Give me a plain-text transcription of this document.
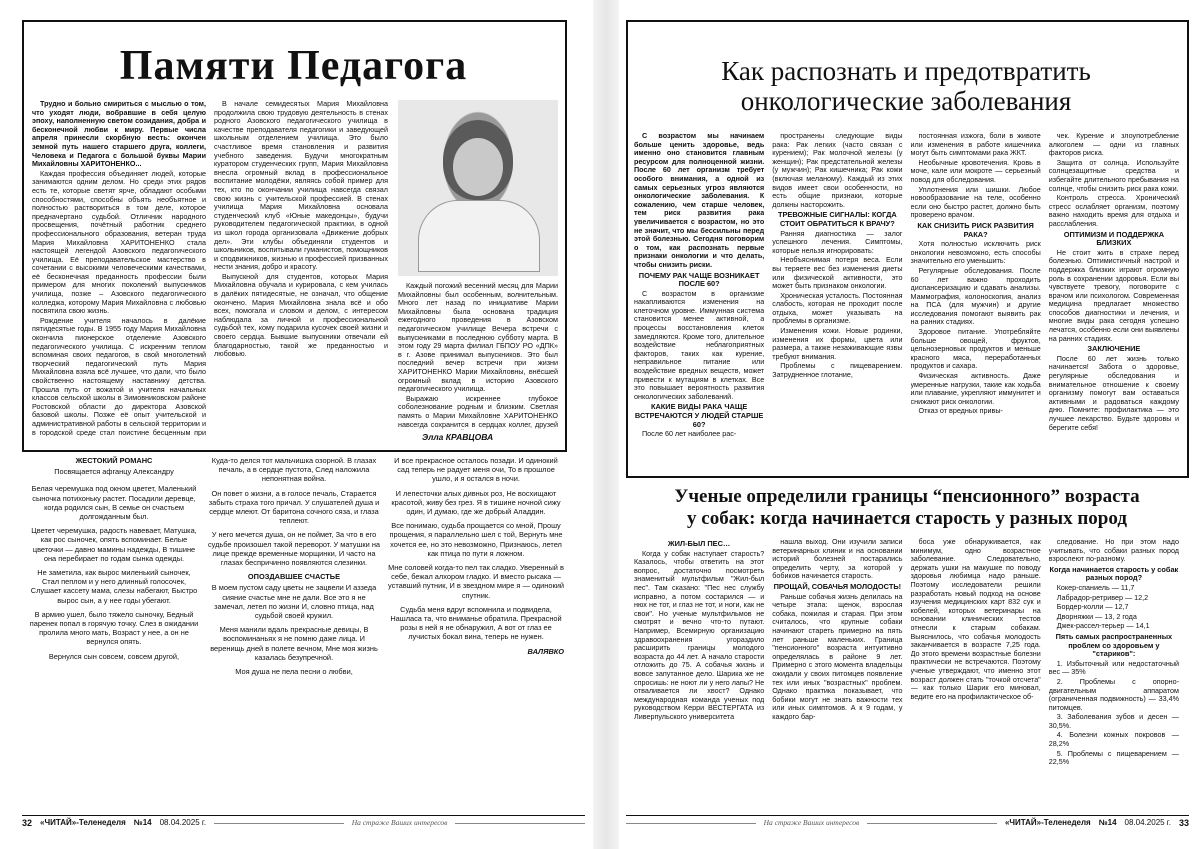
Памяти Педагога

Трудно и больно смириться с мыслью о том, что уходят люди, вобравшие в себя целую эпоху, наполненную светом созидания, добра и бесконечной любви к миру. Первые числа апреля принесли скорбную весть: окончен земной путь нашего старшего друга, коллеги, Человека и Педагога с большой буквы Марии Михайловны ХАРИТОНЕНКО...

Каждая профессия объединяет людей, которые занимаются одним делом. Но среди этих рядов есть те, которые светят ярче, обладают особыми способностями, способны объять необъятное и полностью раствориться в том деле, которое предначертано судьбой. Отличник народного просвещения, почётный работник среднего профессионального образования, ветеран труда Мария Михайловна ХАРИТОНЕНКО стала настоящей легендой Азовского педагогического училища. Её преподавательское мастерство в сочетании с высокими человеческими качествами, её бесконечная преданность профессии были примером для многих поколений выпускников училища, позже – Азовского педагогического колледжа, которому Мария Михайловна с любовью посвятила свою жизнь.

Рождение учителя началось в далёкие пятидесятые годы. В 1955 году Мария Михайловна окончила пионерское отделение Азовского педагогического училища. С искренним теплом вспоминая своих педагогов, в свой многолетний творческий педагогический путь Мария Михайловна взяла всё лучшее, что дали, что было свойственно настоящему наставнику детства. Прошла путь от вожатой и учителя начальных классов сельской школы в Зимовниковском районе Ростовской области до директора Азовской базовой школы. Позже её опыт учительской и административной работы в сельской территории и в городской среде стал поистине бесценным при

В начале семидесятых Мария Михайловна продолжила свою трудовую деятельность в стенах родного Азовского педагогического училища в качестве преподавателя педагогики и заведующей школьным отделением училища. Это было счастливое время становления и развития учебного заведения. Будучи многократным куратором студенческих групп, Мария Михайловна внесла огромный вклад в профессиональное воспитание молодёжи, являясь собой пример для тех, кто по окончании училища навсегда связал свою жизнь с учительской профессией. В стенах училища Мария Михайловна основала студенческий клуб «Юные македонцы», будучи руководителем педагогической практики, в одной из школ города организовала «Движение добрых дел». Эти клубы объединяли студентов и школьников, воспитывали гуманистов, помощников и сподвижников, жизнью и профессией призванных нести знания, добро и красоту.

Выпускной для студентов, которых Мария Михайловна обучала и курировала, с кем училась в далёких пятидесятые, не означал, что общение окончено. Мария Михайловна знала всё и обо всех, помогала и словом и делом, с интересом наблюдала за личной и профессиональной судьбой тех, кому подарила кусочек своей жизни и своего сердца. Бывшие выпускники отвечали ей благодарностью, такой же преданностью и любовью.

Каждый погожий весенний месяц для Марии Михайловны был особенным, волнительным. Много лет назад по инициативе Марии Михайловны была основана традиция ежегодного проведения в Азовском педагогическом училище Вечера встречи с выпускниками в последнюю субботу марта. В этом году 29 марта филиал ГБПОУ РО «ДПК» в г. Азове принимал выпускников. Это был последний вечер встречи при жизни ХАРИТОНЕНКО Марии Михайловны, внёсшей огромный вклад в историю Азовского педагогического училища.

Выражаю искреннее глубокое соболезнование родным и близким. Светлая память о Марии Михайловне ХАРИТОНЕНКО навсегда сохранится в сердцах коллег, друзей

Элла КРАВЦОВА
ЖЕСТОКИЙ РОМАНС
Посвящается афганцу Александру
Белая черемушка под окном цветет, Маленький сыночка потихоньку растет. Посадили деревце, когда родился сын, В семье он счастьем долгожданным был.
Цветет черемушка, радость навевает, Матушка, как рос сыночек, опять вспоминает. Белые цветочки — давно мамины надежды, В тишине она перебирает по годам сынка одежды.
Не заметила, как вырос миленький сыночек, Стал пеплом и у него длинный голосочек, Слушает кассету мама, слезы набегают, Быстро вырос сын, а у нее годы убегают.
В армию ушел, было тяжело сыночку, Бедный паренек попал в горячую точку. Слез в ожидании пролила много мать, Возраст у нее, а он не вернулся опять.
Вернулся сын совсем, совсем другой,
Куда-то делся тот мальчишка озорной. В глазах печаль, а в сердце пустота, След наложила непонятная война.
Он повет о жизни, а в голосе печаль, Старается забыть страха того причал. У слушателей душа и сердце млеют. От баритона сочного сяза, и глаза теплеют.
У него мечется душа, он не поймет, За что в его судьбе произошел такой переворот. У матушки на лице прежде временные морщинки, И часто на глазах беспричинно появляются слезинки.
ОПОЗДАВШЕЕ СЧАСТЬЕ
В моем пустом саду цветы не зацвели И аззеда сияние счастье мне не дали. Все это я не замечал, летел по жизни И, словно птица, над судьбой своей кружил.
Меня манили вдаль прекрасные девицы, В воспоминаньях я не помню даже лица. И веренищь дней в полете вечном, Мне моя жизнь казалась безупречной.
Моя душа не пела песни о любви,
И все прекрасное осталось позади. И одинокий сад теперь не радует меня очи, То в прошлое ушло, и я остался в ночи.
И лепесточки алых дивных роз, Не восхищают красотой, живу без грез. Я в тишине ночной сижу один, И думаю, где же добрый Аладдин.
Все понимаю, судьба прощается со мной, Прошу прощения, я параллельно шел с той, Вернуть мне хочется ее, но это невозможно, Признаюсь, летел как птица по пути я ложном.
Мне соловей когда-то пел так сладко. Уверенный в себе, бежал алхором гладко. И вместо рысака — уставший путник, И в звездном мире я — одинокий спутник.
Судьба меня вдруг вспомнила и подвидела, Нашласа та, что вниманье обратила. Прекрасной розы в ней я не обнаружил, А вот от глаз ее лучистых бокал вина, теперь не нужен.
ВАЛЯВКО
32 «ЧИТАЙ»-Теленеделя №14 08.04.2025 г.	На страже Ваших интересов
Как распознать и предотвратить онкологические заболевания

С возрастом мы начинаем больше ценить здоровье, ведь именно оно становится главным ресурсом для полноценной жизни. После 60 лет организм требует особого внимания, а одной из самых серьезных угроз являются онкологические заболевания. К сожалению, чем старше человек, тем риск развития рака увеличивается с возрастом, но это не значит, что мы бессильны перед этой болезнью. Сегодня поговорим о том, как распознать первые признаки онкологии и что делать, чтобы снизить риски.

ПОЧЕМУ РАК ЧАЩЕ ВОЗНИКАЕТ ПОСЛЕ 60?

С возрастом в организме накапливаются изменения на клеточном уровне. Иммунная система становится менее активной, а процессы восстановления клеток замедляются. Кроме того, длительное воздействие неблагоприятных факторов, таких как курение, неправильное питание или воздействие вредных веществ, может привести к мутациям в клетках. Все это повышает вероятность развития онкологических заболеваний.

КАКИЕ ВИДЫ РАКА ЧАЩЕ ВСТРЕЧАЮТСЯ У ЛЮДЕЙ СТАРШЕ 60?

После 60 лет наиболее рас-

пространены следующие виды рака: Рак легких (часто связан с курением); Рак молочной железы (у женщин); Рак предстательной железы (у мужчин); Рак кишечника; Рак кожи (включая меланому). Каждый из этих видов имеет свои особенности, но есть общие признаки, которые должны насторожить.

ТРЕВОЖНЫЕ СИГНАЛЫ: КОГДА СТОИТ ОБРАТИТЬСЯ К ВРАЧУ?

Ранняя диагностика — залог успешного лечения. Симптомы, которые нельзя игнорировать:

Необъяснимая потеря веса. Если вы теряете вес без изменения диеты или физической активности, это может быть признаком онкологии.

Хроническая усталость. Постоянная слабость, которая не проходит после отдыха, может указывать на проблемы в организме.

Изменения кожи. Новые родинки, изменения их формы, цвета или размера, а также незаживающие язвы требуют внимания.

Проблемы с пищеварением. Затрудненное глотание,

постоянная изжога, боли в животе или изменения в работе кишечника могут быть симптомами рака ЖКТ.

Необычные кровотечения. Кровь в моче, кале или мокроте — серьезный повод для обследования.

Уплотнения или шишки. Любое новообразование на теле, особенно если оно быстро растет, должно быть проверено врачом.

КАК СНИЗИТЬ РИСК РАЗВИТИЯ РАКА?

Хотя полностью исключить риск онкологии невозможно, есть способы значительно его уменьшить:

Регулярные обследования. После 60 лет важно проходить диспансеризацию и сдавать анализы. Маммография, колоноскопия, анализ на ПСА (для мужчин) и другие исследования помогают выявить рак на ранних стадиях.

Здоровое питание. Употребляйте больше овощей, фруктов, цельнозерновых продуктов и меньше красного мяса, переработанных продуктов и сахара.

Физическая активность. Даже умеренные нагрузки, такие как ходьба или плавание, укрепляют иммунитет и снижают риск онкологии.

Отказ от вредных привы-

чек. Курение и злоупотребление алкоголем — одни из главных факторов риска.

Защита от солнца. Используйте солнцезащитные средства и избегайте длительного пребывания на солнце, чтобы снизить риск рака кожи.

Контроль стресса. Хронический стресс ослабляет организм, поэтому важно находить время для отдыха и расслабления.

ОПТИМИЗМ И ПОДДЕРЖКА БЛИЗКИХ

Не стоит жить в страхе перед болезнью. Оптимистичный настрой и поддержка близких играют огромную роль в сохранении здоровья. Если вы чувствуете тревогу, поговорите с врачом или психологом. Современная медицина предлагает множество способов диагностики и лечения, и многие виды рака сегодня успешно лечатся, особенно если они выявлены на ранних стадиях.

ЗАКЛЮЧЕНИЕ

После 60 лет жизнь только начинается! Забота о здоровье, регулярные обследования и внимательное отношение к своему организму помогут вам оставаться активными и радоваться каждому дню. Помните: профилактика — это лучшее лекарство. Будьте здоровы и берегите себя!

Ученые определили границы “пенсионного” возраста
у собак: когда начинается старость у разных пород
ЖИЛ-БЫЛ ПЕС…

Когда у собак наступает старость? Казалось, чтобы ответить на этот вопрос, достаточно посмотреть знаменитый мультфильм "Жил-был пес". Там сказано: "Пес нес службу исправно, а потом состарился — и нюх не тот, и глаз не тот, и ноги, как не свои". Но ученые мультфильмов не смотрят и вечно что-то путают. Например, Всемирную организацию здравоохранения угораздило расширить границы молодого возраста до 44 лет. А начало старости отложить до 75. А собачья жизнь и вовсе запутанное дело. Шарика же не спросишь: не ноют ли у него лапы? Не отваливается ли хвост? Однако международная команда ученых под руководством Керри ВЕСТЕРГАТА из Ливерпульского университета

нашла выход. Они изучили записи ветеринарных клиник и на основании историй болезней постарались определить черту, за которой у бобиков начинается старость.

ПРОЩАЙ, СОБАЧЬЯ МОЛОДОСТЬ!

Раньше собачья жизнь делилась на четыре этапа: щенок, взрослая собака, пожилая и старая. При этом считалось, что крупные собаки начинают стареть примерно на пять лет раньше маленьких. Граница "пенсионного" возраста интуитивно определялась в районе 9 лет. Примерно с этого момента владельцы ожидали у своих питомцев появление тех или иных "возрастных" проблем. Однако практика показывает, что бобики могут не знать важности тех или иных симптомов. А к 9 годам, у каждого бар-

боса уже обнаруживается, как минимум, одно возрастное заболевание. Следовательно, держать ушки на макушке по поводу здоровья любимца надо раньше. Поэтому исследователи решили разработать новый подход на основе изучения медицинских карт 832 сук и кобелей, которых ветеринары на основании клинических тестов отнесли к старым собакам. Выяснилось, что собачья молодость заканчивается в возрасте 7,25 года. До этого времени возрастные болезни практически не встречаются. Поэтому ученые утверждают, что именно этот возраст должен стать "точкой отсчета" — как только Шарик его миновал, ведите его на профилактическое об-

следование. Но при этом надо учитывать, что собаки разных пород взрослеют по-разному.

Когда начинается старость у собак разных пород?

Кокер-спаниель — 11,7

Лабрадор-ретривер — 12,2

Бордер-колли — 12,7

Дворняжки — 13, 2 года

Джек-рассел-терьер — 14,1

Пять самых распространенных проблем со здоровьем у "стариков":

1. Избыточный или недостаточный вес — 35%

2. Проблемы с опорно-двигательным аппаратом (ограниченная подвижность) — 33,4% питомцев.

3. Заболевания зубов и десен — 30,5%.

4. Болезни кожных покровов — 28,2%

5. Проблемы с пищеварением — 22,5%

На страже Ваших интересов	«ЧИТАЙ»-Теленеделя №14 08.04.2025 г. 33
